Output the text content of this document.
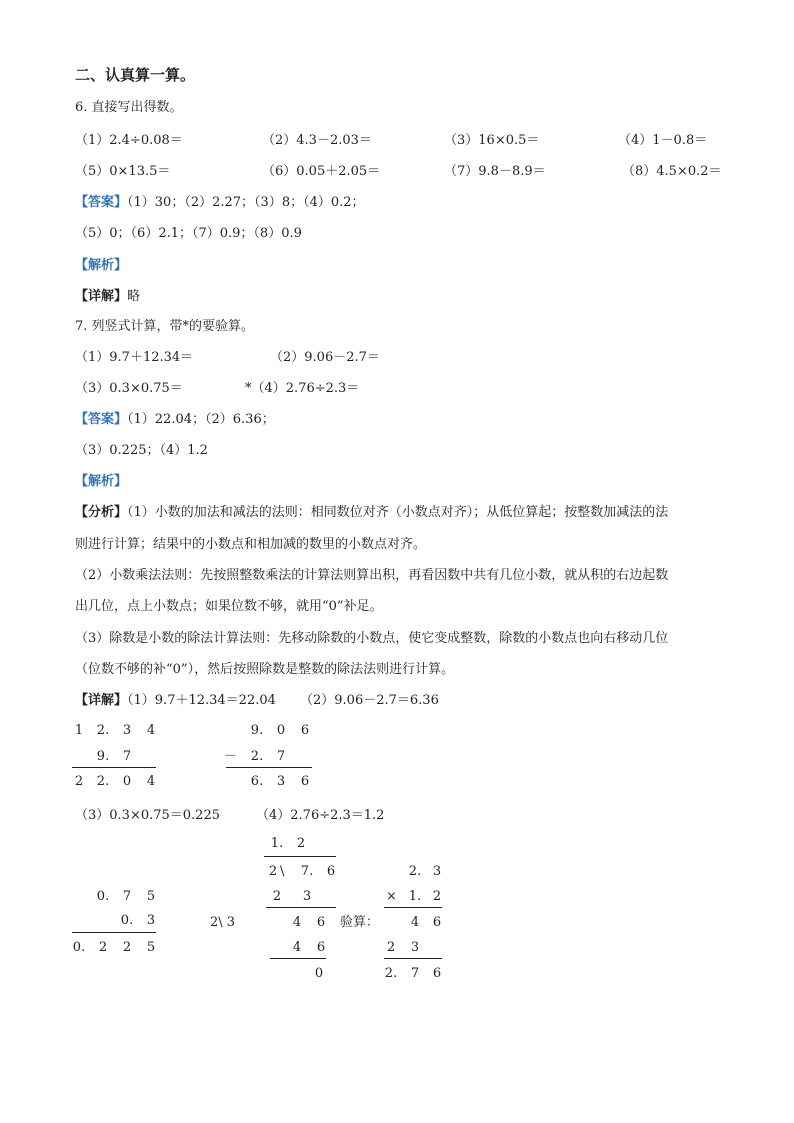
二、认真算一算。
6. 直接写出得数。
（1）2.4÷0.08＝	（2）4.3－2.03＝	（3）16×0.5＝	（4）1－0.8＝
（5）0×13.5＝	（6）0.05＋2.05＝	（7）9.8－8.9＝	（8）4.5×0.2＝
【答案】（1）30；（2）2.27；（3）8；（4）0.2；
（5）0；（6）2.1；（7）0.9；（8）0.9
【解析】
【详解】略
7. 列竖式计算，带*的要验算。
（1）9.7＋12.34＝	（2）9.06－2.7＝
（3）0.3×0.75＝	*（4）2.76÷2.3＝
【答案】（1）22.04；（2）6.36；
（3）0.225；（4）1.2
【解析】
【分析】（1）小数的加法和减法的法则：相同数位对齐（小数点对齐）；从低位算起；按整数加减法的法
则进行计算；结果中的小数点和相加减的数里的小数点对齐。
（2）小数乘法法则：先按照整数乘法的计算法则算出积，再看因数中共有几位小数，就从积的右边起数
出几位，点上小数点；如果位数不够，就用“0”补足。
（3）除数是小数的除法计算法则：先移动除数的小数点，使它变成整数，除数的小数点也向右移动几位
（位数不够的补“0”），然后按照除数是整数的除法法则进行计算。
【详解】（1）9.7＋12.34＝22.04 （2）9.06－2.7＝6.36
1 2. 3 4
9. 7
2 2. 0 4
9. 0 6
－ 2. 7
6. 3 6
（3）0.3×0.75＝0.225	（4）2.76÷2.3＝1.2
0. 7 5
0. 3
0. 2 2 5
2\ 3
1. 2
2 \ 7. 6
2 3
4 6
4 6
0
验算：
2. 3
× 1. 2
4 6
2 3
2. 7 6
